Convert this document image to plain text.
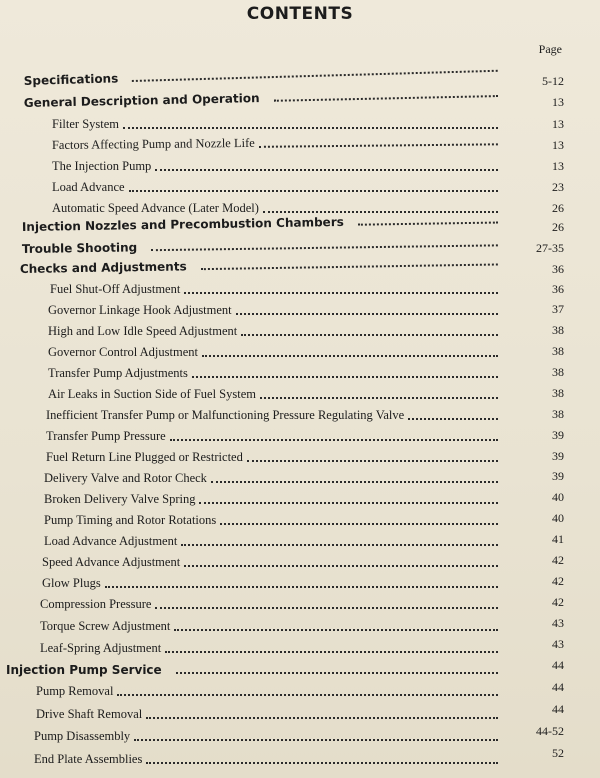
CONTENTS
Page
Specifications	5-12
General Description and Operation	13
Filter System	13
Factors Affecting Pump and Nozzle Life	13
The Injection Pump	13
Load Advance	23
Automatic Speed Advance (Later Model)	26
Injection Nozzles and Precombustion Chambers	26
Trouble Shooting	27-35
Checks and Adjustments	36
Fuel Shut-Off Adjustment	36
Governor Linkage Hook Adjustment	37
High and Low Idle Speed Adjustment	38
Governor Control Adjustment	38
Transfer Pump Adjustments	38
Air Leaks in Suction Side of Fuel System	38
Inefficient Transfer Pump or Malfunctioning Pressure Regulating Valve	38
Transfer Pump Pressure	39
Fuel Return Line Plugged or Restricted	39
Delivery Valve and Rotor Check	39
Broken Delivery Valve Spring	40
Pump Timing and Rotor Rotations	40
Load Advance Adjustment	41
Speed Advance Adjustment	42
Glow Plugs	42
Compression Pressure	42
Torque Screw Adjustment	43
Leaf-Spring Adjustment	43
Injection Pump Service	44
Pump Removal	44
Drive Shaft Removal	44
Pump Disassembly	44-52
End Plate Assemblies	52
